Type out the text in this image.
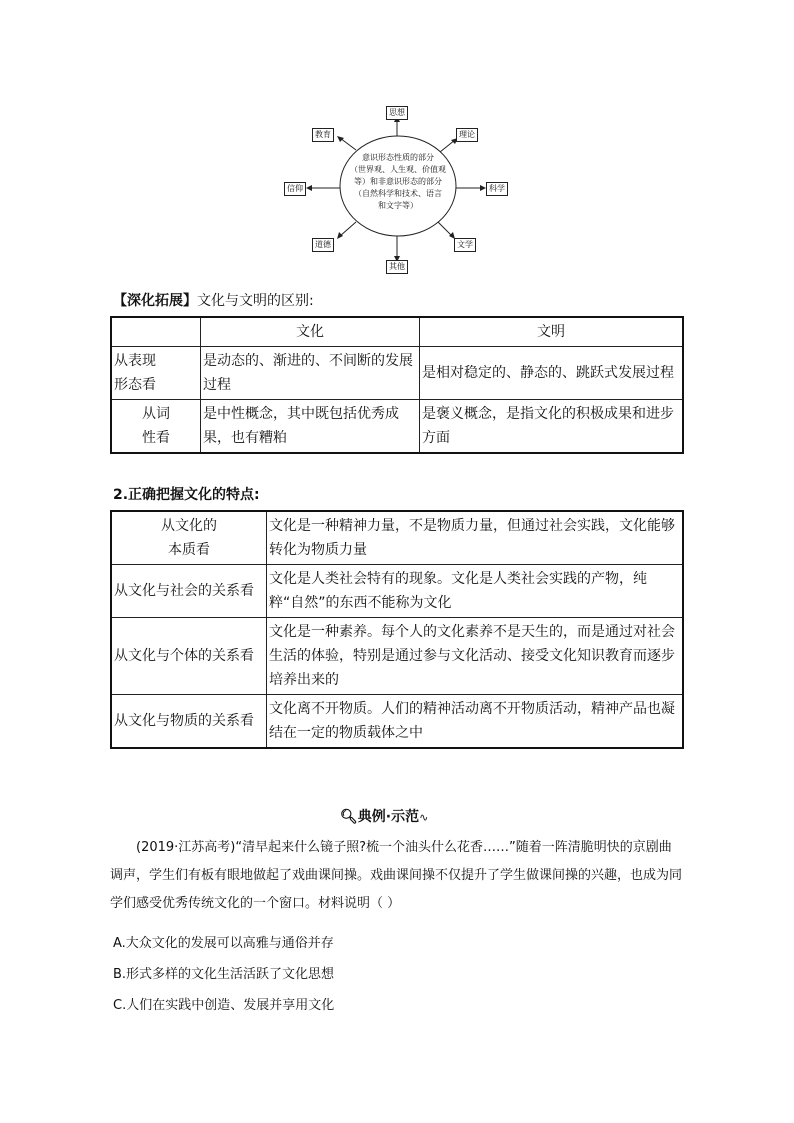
意识形态性质的部分
（世界观、人生观、价值观
等）和非意识形态的部分
（自然科学和技术、语言
和文字等）
思想
理论
科学
文学
其他
道德
信仰
教育
【深化拓展】文化与文明的区别:
	文化	文明

从表现
形态看	是动态的、渐进的、不间断的发展过程	是相对稳定的、静态的、跳跃式发展过程

从词
性看	是中性概念，其中既包括优秀成果，也有糟粕	是褒义概念，是指文化的积极成果和进步方面
2.正确把握文化的特点:
从文化的
本质看	文化是一种精神力量，不是物质力量，但通过社会实践，文化能够转化为物质力量
从文化与社会的关系看	文化是人类社会特有的现象。文化是人类社会实践的产物，纯粹“自然”的东西不能称为文化
从文化与个体的关系看	文化是一种素养。每个人的文化素养不是天生的，而是通过对社会生活的体验，特别是通过参与文化活动、接受文化知识教育而逐步培养出来的
从文化与物质的关系看	文化离不开物质。人们的精神活动离不开物质活动，精神产品也凝结在一定的物质载体之中
🔍︎典例·示范∿
(2019·江苏高考)“清早起来什么镜子照?梳一个油头什么花香……”随着一阵清脆明快的京剧曲调声，学生们有板有眼地做起了戏曲课间操。戏曲课间操不仅提升了学生做课间操的兴趣，也成为同学们感受优秀传统文化的一个窗口。材料说明（ ）
A.大众文化的发展可以高雅与通俗并存
B.形式多样的文化生活活跃了文化思想
C.人们在实践中创造、发展并享用文化
